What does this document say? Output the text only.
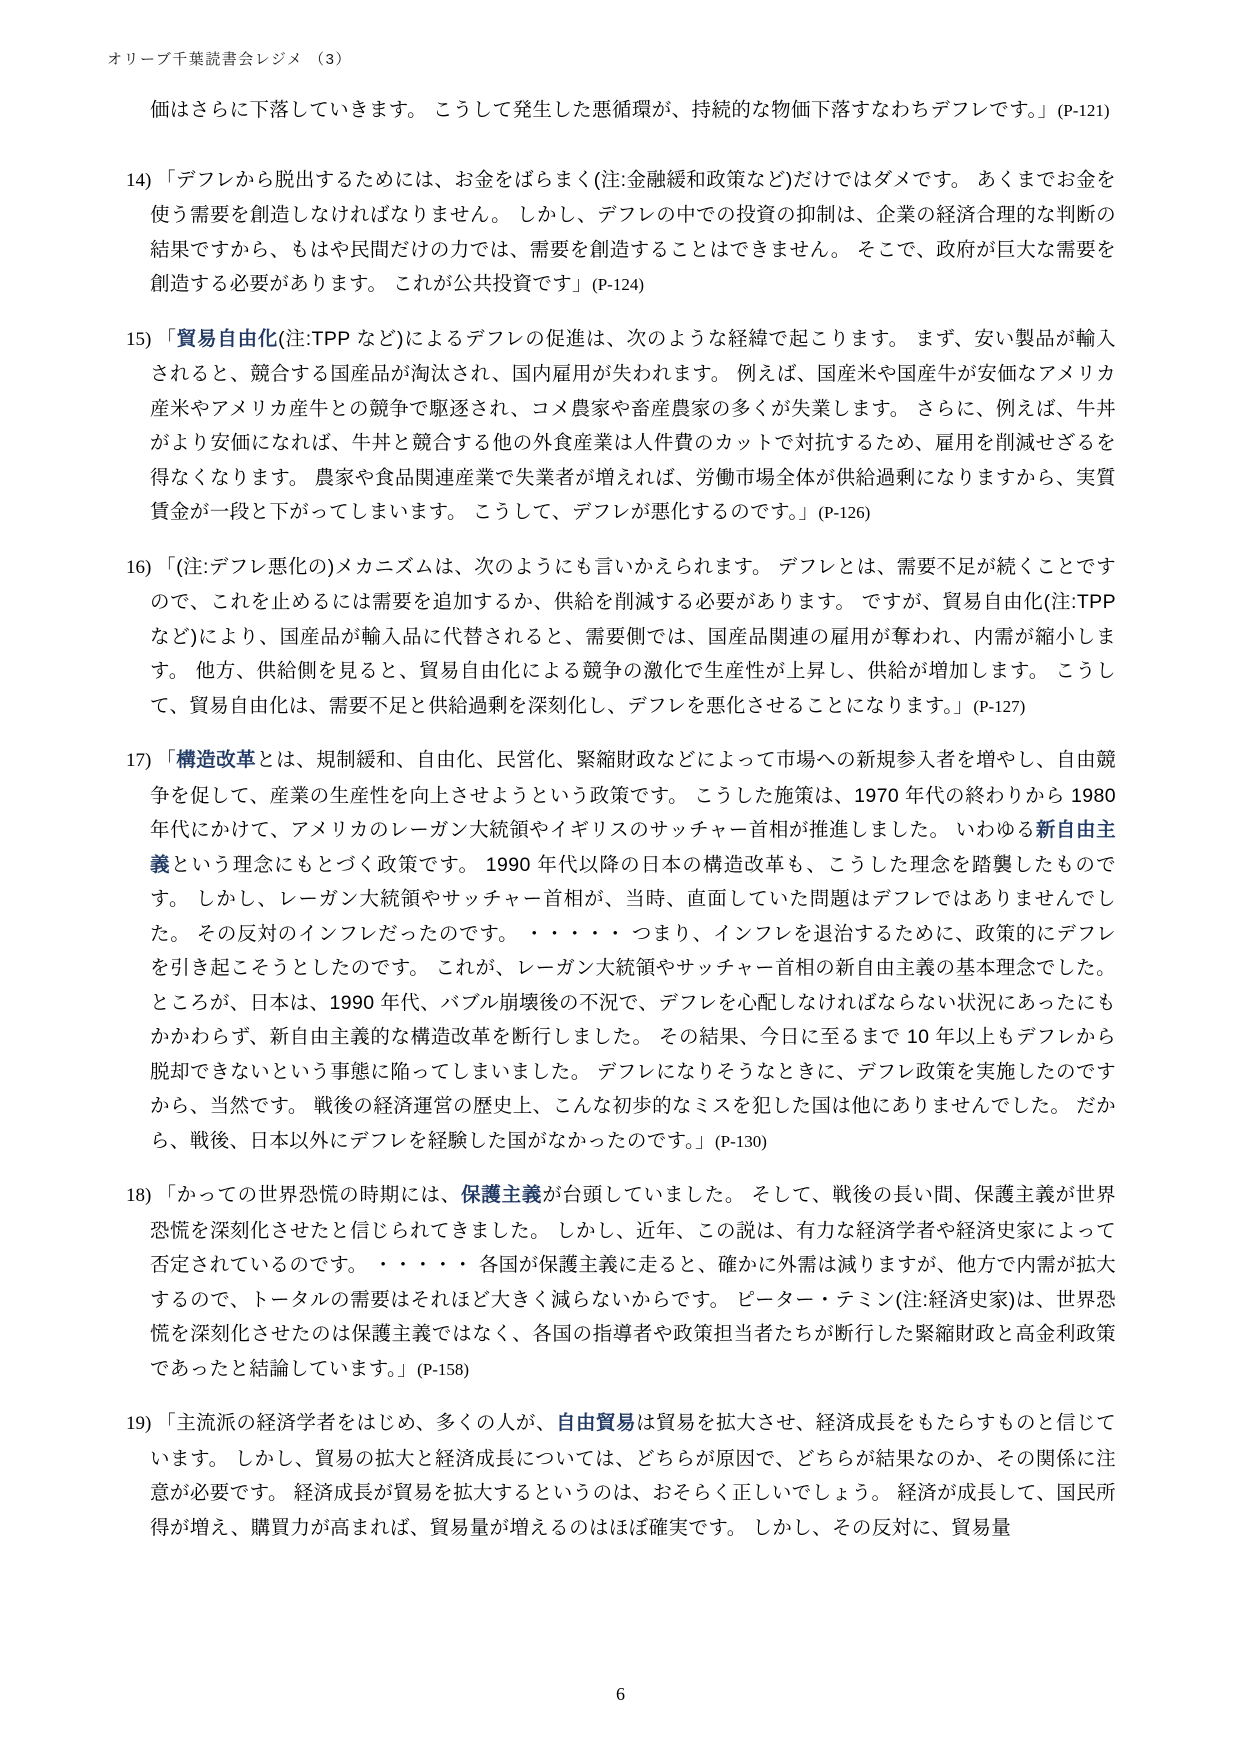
オリーブ千葉読書会レジメ （3）

価はさらに下落していきます。 こうして発生した悪循環が、持続的な物価下落すなわちデフレです。」(P-121)

14) 「デフレから脱出するためには、お金をばらまく(注:金融緩和政策など)だけではダメです。 あくまでお金を使う需要を創造しなければなりません。 しかし、デフレの中での投資の抑制は、企業の経済合理的な判断の結果ですから、もはや民間だけの力では、需要を創造することはできません。 そこで、政府が巨大な需要を創造する必要があります。 これが公共投資です」(P-124)

15) 「貿易自由化(注:TPP など)によるデフレの促進は、次のような経緯で起こります。 まず、安い製品が輸入されると、競合する国産品が淘汰され、国内雇用が失われます。 例えば、国産米や国産牛が安価なアメリカ産米やアメリカ産牛との競争で駆逐され、コメ農家や畜産農家の多くが失業します。 さらに、例えば、牛丼がより安価になれば、牛丼と競合する他の外食産業は人件費のカットで対抗するため、雇用を削減せざるを得なくなります。 農家や食品関連産業で失業者が増えれば、労働市場全体が供給過剰になりますから、実質賃金が一段と下がってしまいます。 こうして、デフレが悪化するのです。」(P-126)

16) 「(注:デフレ悪化の)メカニズムは、次のようにも言いかえられます。 デフレとは、需要不足が続くことですので、これを止めるには需要を追加するか、供給を削減する必要があります。 ですが、貿易自由化(注:TPP など)により、国産品が輸入品に代替されると、需要側では、国産品関連の雇用が奪われ、内需が縮小します。 他方、供給側を見ると、貿易自由化による競争の激化で生産性が上昇し、供給が増加します。 こうして、貿易自由化は、需要不足と供給過剰を深刻化し、デフレを悪化させることになります。」(P-127)

17) 「構造改革とは、規制緩和、自由化、民営化、緊縮財政などによって市場への新規参入者を増やし、自由競争を促して、産業の生産性を向上させようという政策です。 こうした施策は、1970 年代の終わりから 1980 年代にかけて、アメリカのレーガン大統領やイギリスのサッチャー首相が推進しました。 いわゆる新自由主義という理念にもとづく政策です。 1990 年代以降の日本の構造改革も、こうした理念を踏襲したものです。 しかし、レーガン大統領やサッチャー首相が、当時、直面していた問題はデフレではありませんでした。 その反対のインフレだったのです。 ・・・・・ つまり、インフレを退治するために、政策的にデフレを引き起こそうとしたのです。 これが、レーガン大統領やサッチャー首相の新自由主義の基本理念でした。 ところが、日本は、1990 年代、バブル崩壊後の不況で、デフレを心配しなければならない状況にあったにもかかわらず、新自由主義的な構造改革を断行しました。 その結果、今日に至るまで 10 年以上もデフレから脱却できないという事態に陥ってしまいました。 デフレになりそうなときに、デフレ政策を実施したのですから、当然です。 戦後の経済運営の歴史上、こんな初歩的なミスを犯した国は他にありませんでした。 だから、戦後、日本以外にデフレを経験した国がなかったのです。」(P-130)

18) 「かっての世界恐慌の時期には、保護主義が台頭していました。 そして、戦後の長い間、保護主義が世界恐慌を深刻化させたと信じられてきました。 しかし、近年、この説は、有力な経済学者や経済史家によって否定されているのです。 ・・・・・ 各国が保護主義に走ると、確かに外需は減りますが、他方で内需が拡大するので、トータルの需要はそれほど大きく減らないからです。 ピーター・テミン(注:経済史家)は、世界恐慌を深刻化させたのは保護主義ではなく、各国の指導者や政策担当者たちが断行した緊縮財政と高金利政策であったと結論しています。」(P-158)

19) 「主流派の経済学者をはじめ、多くの人が、自由貿易は貿易を拡大させ、経済成長をもたらすものと信じています。 しかし、貿易の拡大と経済成長については、どちらが原因で、どちらが結果なのか、その関係に注意が必要です。 経済成長が貿易を拡大するというのは、おそらく正しいでしょう。 経済が成長して、国民所得が増え、購買力が高まれば、貿易量が増えるのはほぼ確実です。 しかし、その反対に、貿易量

6
